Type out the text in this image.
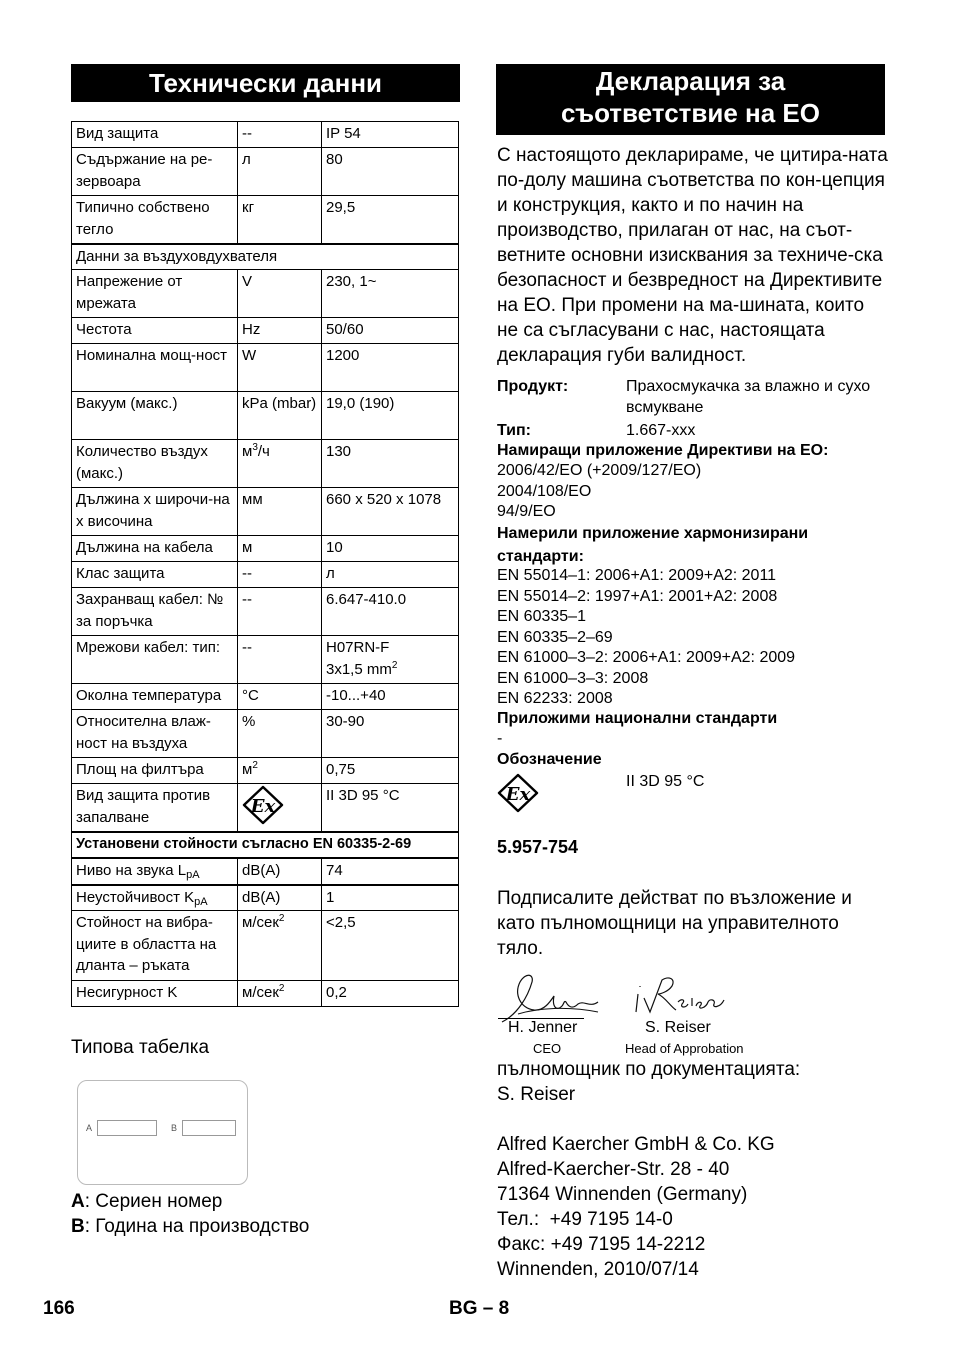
Технически данни
Вид защита	--	IP 54
Съдържание на ре-зервоара	л	80
Типично собствено тегло	кг	29,5
Данни за въздуховдухвателя		
Напрежение от мрежата	V	230, 1~
Честота	Hz	50/60
Номинална мощ-ност	W	1200
Вакуум (макс.)	kPa (mbar)	19,0 (190)
Количество въздух (макс.)	$м^3/ч$	130
Дължина х широчи-на х височина	мм	660 x 520 x 1078
Дължина на кабела	м	10
Клас защита	--	л
Захранващ кабел: № за поръчка	--	6.647-410.0
Мрежови кабел: тип:	--	H07RN-F
3x1,5 $mm^2$
Околна температура	°C	-10...+40
Относителна влаж-ност на въздуха	%	30-90
Площ на филтъра	$м^2$	0,75
Вид защита против запалване	Ex	II 3D 95 °C
Установени стойности съгласно EN 60335-2-69		
Ниво на звука $L_{pA}$	dB(A)	74
Неустойчивост $K_{pA}$	dB(A)	1
Стойност на вибра-циите в областта на дланта – ръката	м/сек$^2$	<2,5
Несигурност K	м/сек$^2$	0,2
Типова табелка
A	B
A: Сериен номер
B: Година на производство
Декларация за
съответствие на ЕО
С настоящото декларираме, че цитира-ната по-долу машина съответства по кон-цепция и конструкция, както и по начин на производство, прилаган от нас, на съот-ветните основни изисквания за техниче-ска безопасност и безвредност на Директивите на ЕО. При промени на ма-шината, които не са съгласувани с нас, настоящата декларация губи валидност.
Продукт:	Прахосмукачка за влажно и сухо всмукване
Тип:	1.667-xxx
Намиращи приложение Директиви на ЕО:
2006/42/EO (+2009/127/EO)
2004/108/EO
94/9/EO
Намерили приложение хармонизирани стандарти:
EN 55014–1: 2006+A1: 2009+A2: 2011
EN 55014–2: 1997+A1: 2001+A2: 2008
EN 60335–1
EN 60335–2–69
EN 61000–3–2: 2006+A1: 2009+A2: 2009
EN 61000–3–3: 2008
EN 62233: 2008
Приложими национални стандарти
-
Обозначение
Ex
II 3D 95 °C
5.957-754
Подписалите действат по възложение и като пълномощници на управителното тяло.
H. Jenner
CEO
S. Reiser
Head of Approbation
пълномощник по документацията:
S. Reiser
Alfred Kaercher GmbH & Co. KG
Alfred-Kaercher-Str. 28 - 40
71364 Winnenden (Germany)
Тел.:  +49 7195 14-0
Факс: +49 7195 14-2212
Winnenden, 2010/07/14
166	BG – 8
